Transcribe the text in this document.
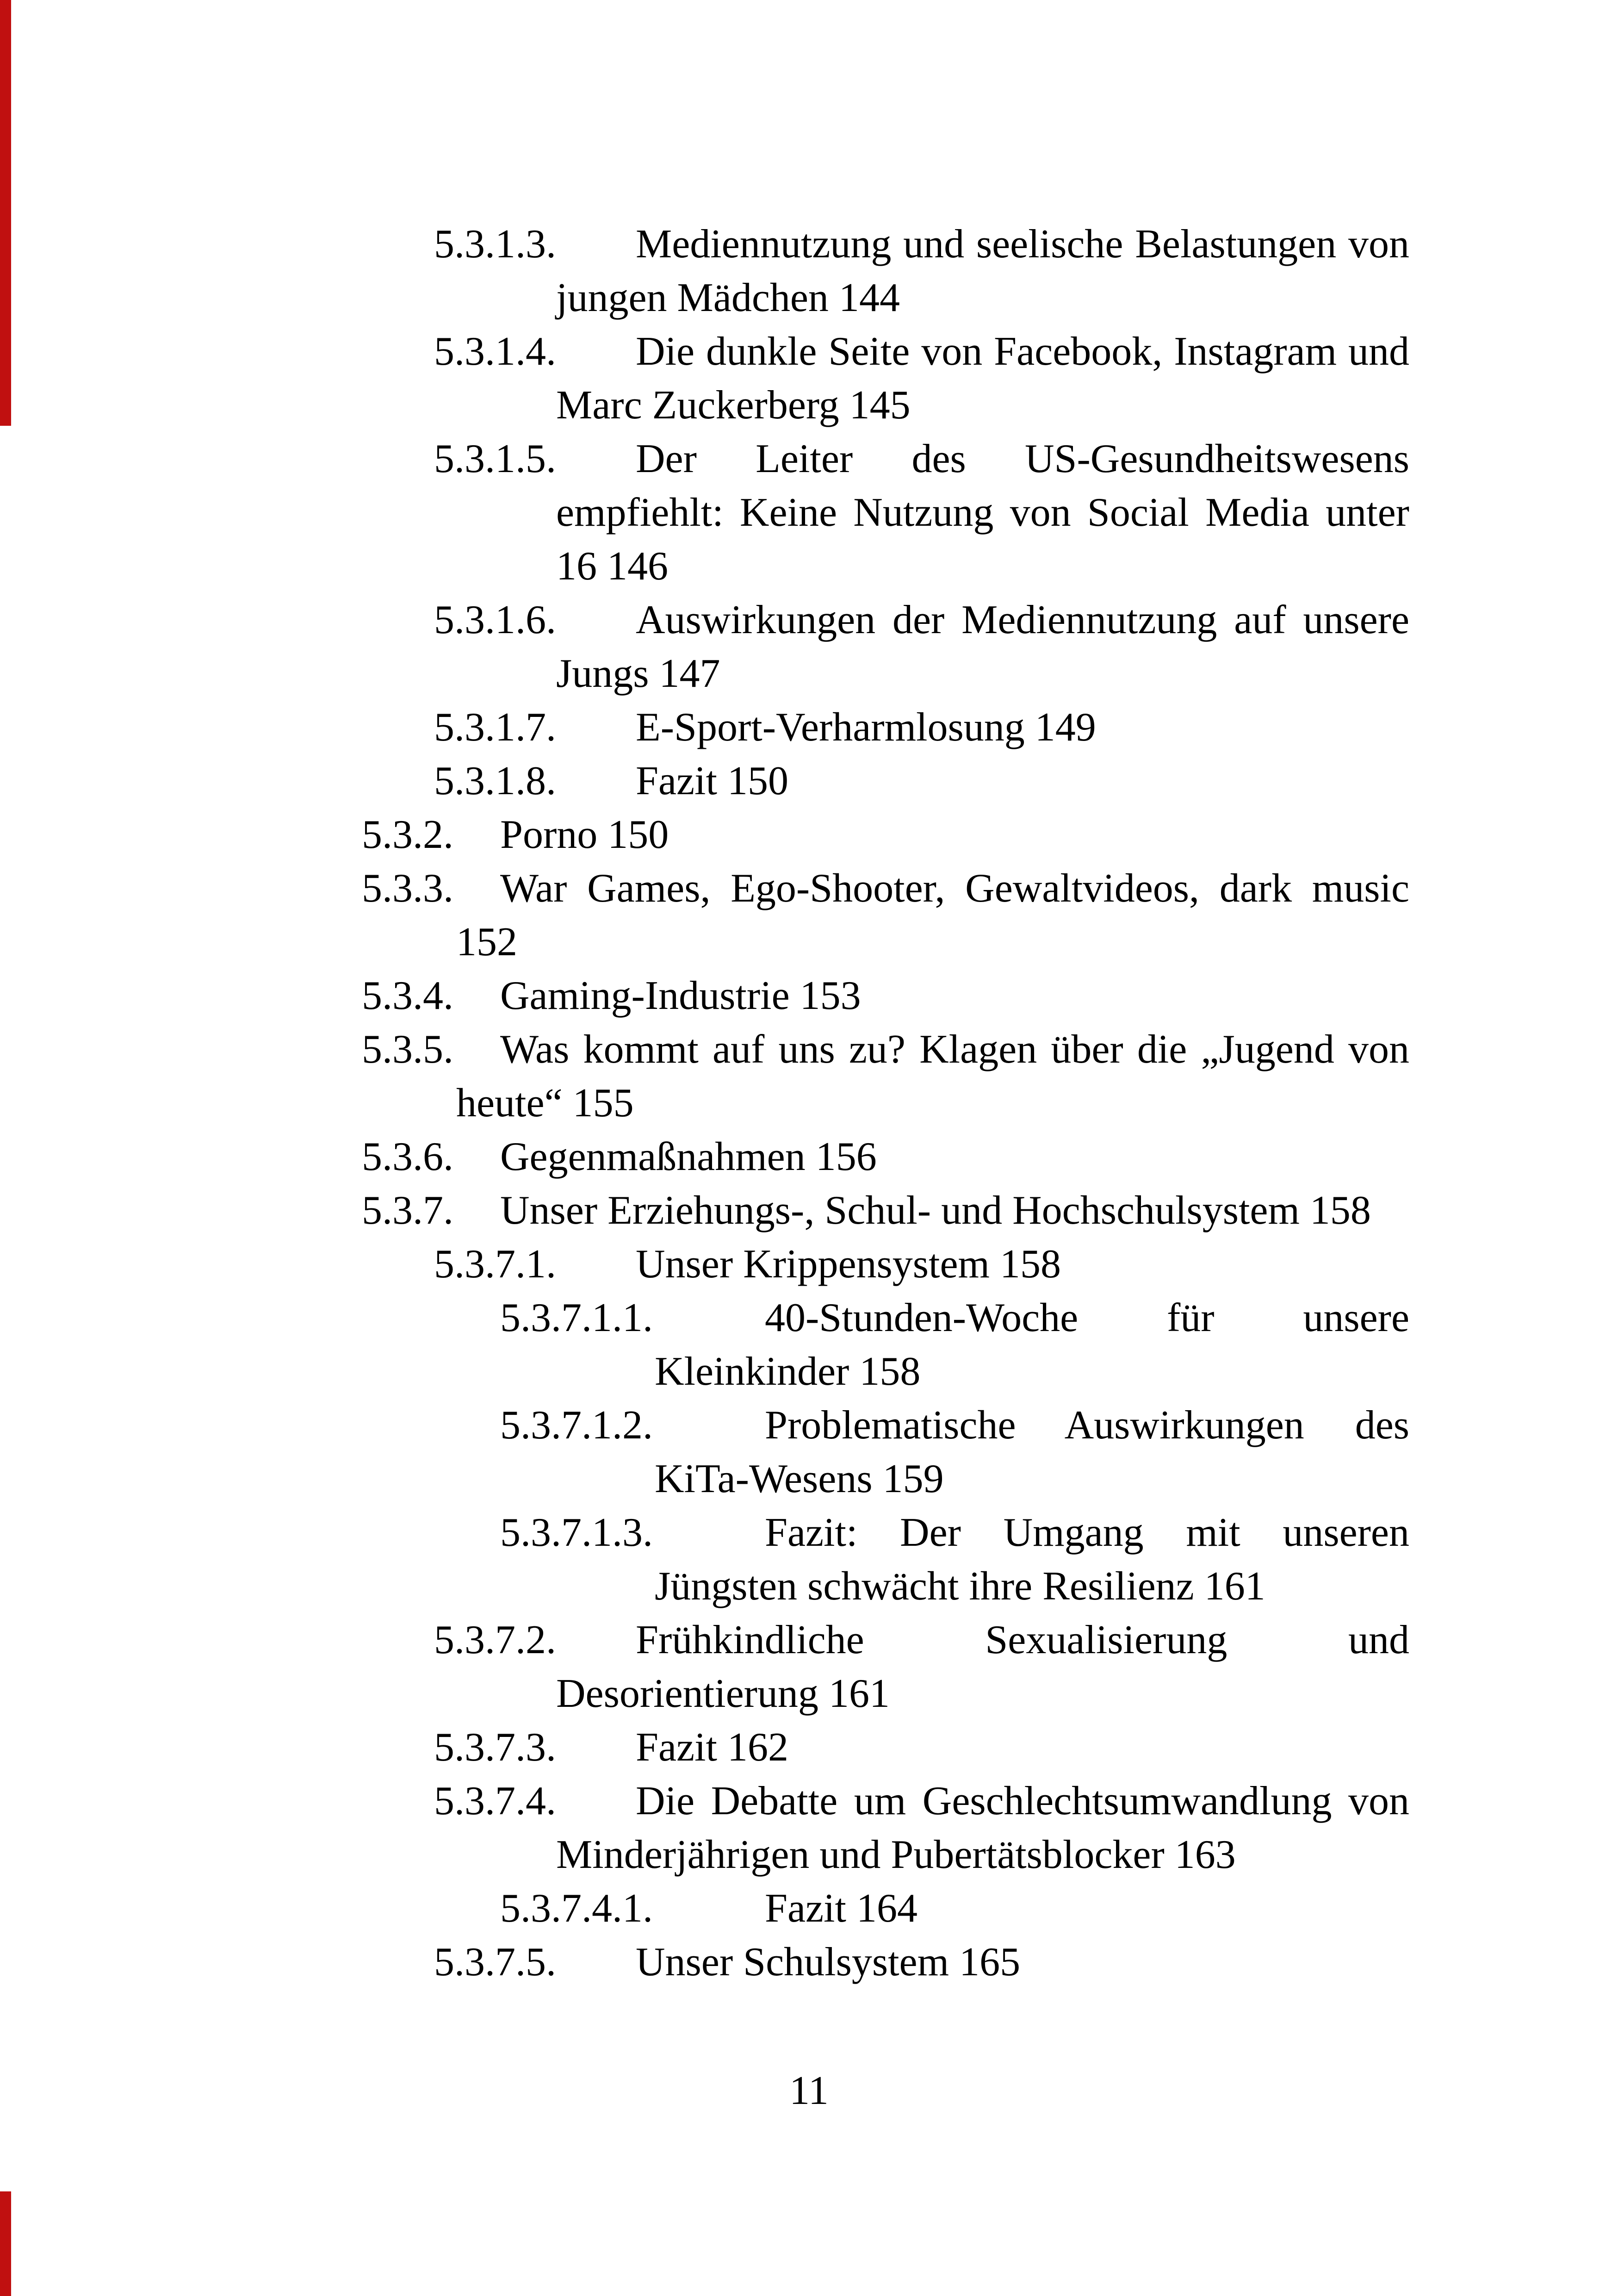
5.3.1.3. Mediennutzung und seelische Belastungen von jungen Mädchen 144
5.3.1.4. Die dunkle Seite von Facebook, Instagram und Marc Zuckerberg 145
5.3.1.5. Der Leiter des US-Gesundheitswesens empfiehlt: Keine Nutzung von Social Media unter 16 146
5.3.1.6. Auswirkungen der Mediennutzung auf unsere Jungs 147
5.3.1.7. E-Sport-Verharmlosung 149
5.3.1.8. Fazit 150
5.3.2. Porno 150
5.3.3. War Games, Ego-Shooter, Gewaltvideos, dark music 152
5.3.4. Gaming-Industrie 153
5.3.5. Was kommt auf uns zu? Klagen über die „Jugend von heute“ 155
5.3.6. Gegenmaßnahmen 156
5.3.7. Unser Erziehungs-, Schul- und Hochschulsystem 158
5.3.7.1. Unser Krippensystem 158
5.3.7.1.1.	40-Stunden-Woche für unsere Kleinkinder 158
5.3.7.1.2.	Problematische Auswirkungen des KiTa-Wesens 159
5.3.7.1.3.	Fazit: Der Umgang mit unseren Jüngsten schwächt ihre Resilienz 161
5.3.7.2. Frühkindliche Sexualisierung und Desorientierung 161
5.3.7.3. Fazit 162
5.3.7.4. Die Debatte um Geschlechtsumwandlung von Minderjährigen und Pubertätsblocker 163
5.3.7.4.1.	Fazit 164
5.3.7.5. Unser Schulsystem 165
11
